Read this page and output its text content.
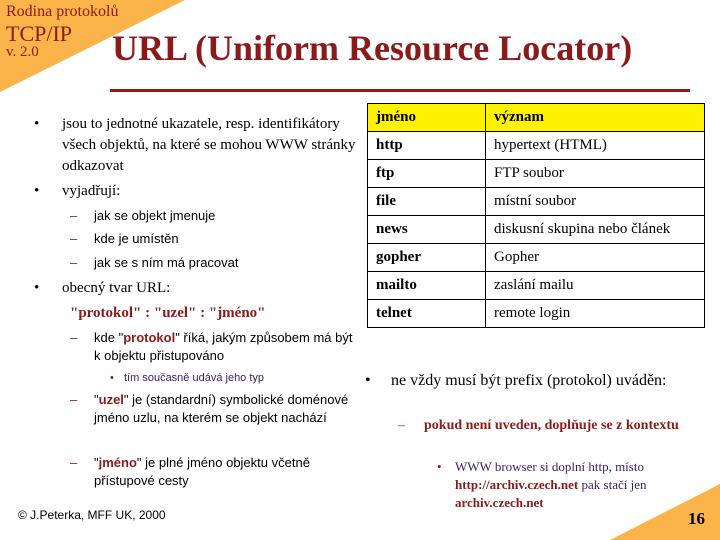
Rodina protokolů
TCP/IP
v. 2.0 URL (Uniform Resource Locator)
• jsou to jednotné ukazatele, resp. identifikátory všech objektů, na které se mohou WWW stránky odkazovat
• vyjadřují:
– jak se objekt jmenuje
– kde je umístěn
– jak se s ním má pracovat
• obecný tvar URL:
"protokol" : "uzel" : "jméno"
– kde "protokol" říká, jakým způsobem má být k objektu přistupováno
• tím současně udává jeho typ
– "uzel" je (standardní) symbolické doménové jméno uzlu, na kterém se objekt nachází
– "jméno" je plné jméno objektu včetně přístupové cesty
jméno	význam
http	hypertext (HTML)
ftp	FTP soubor
file	místní soubor
news	diskusní skupina nebo článek
gopher	Gopher
mailto	zaslání mailu
telnet	remote login
• ne vždy musí být prefix (protokol) uváděn:
– pokud není uveden, doplňuje se z kontextu
• WWW browser si doplní http, místo http://archiv.czech.net pak stačí jen archiv.czech.net
© J.Peterka, MFF UK, 2000	16
